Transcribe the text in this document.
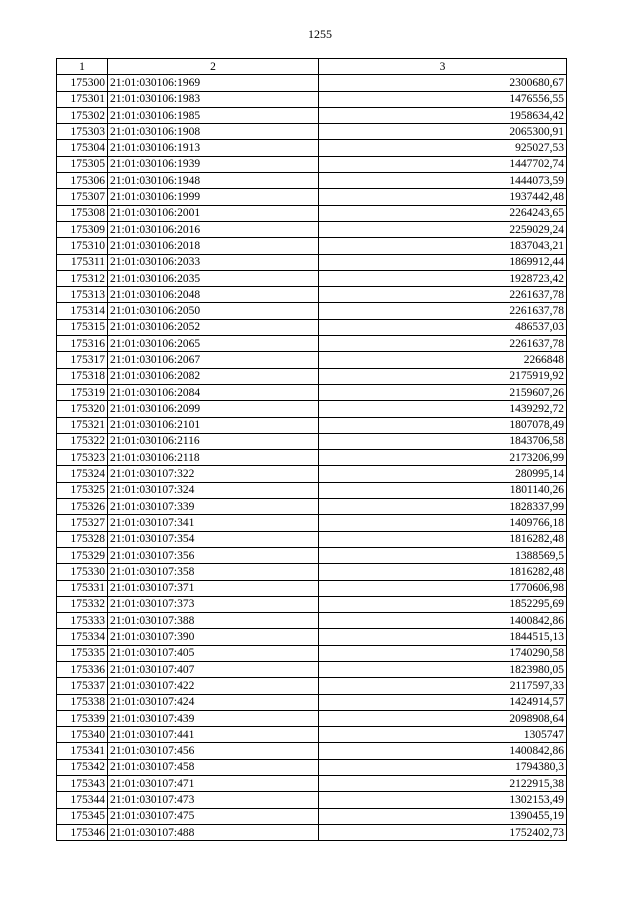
1255
1	2	3
175300	21:01:030106:1969	2300680,67
175301	21:01:030106:1983	1476556,55
175302	21:01:030106:1985	1958634,42
175303	21:01:030106:1908	2065300,91
175304	21:01:030106:1913	925027,53
175305	21:01:030106:1939	1447702,74
175306	21:01:030106:1948	1444073,59
175307	21:01:030106:1999	1937442,48
175308	21:01:030106:2001	2264243,65
175309	21:01:030106:2016	2259029,24
175310	21:01:030106:2018	1837043,21
175311	21:01:030106:2033	1869912,44
175312	21:01:030106:2035	1928723,42
175313	21:01:030106:2048	2261637,78
175314	21:01:030106:2050	2261637,78
175315	21:01:030106:2052	486537,03
175316	21:01:030106:2065	2261637,78
175317	21:01:030106:2067	2266848
175318	21:01:030106:2082	2175919,92
175319	21:01:030106:2084	2159607,26
175320	21:01:030106:2099	1439292,72
175321	21:01:030106:2101	1807078,49
175322	21:01:030106:2116	1843706,58
175323	21:01:030106:2118	2173206,99
175324	21:01:030107:322	280995,14
175325	21:01:030107:324	1801140,26
175326	21:01:030107:339	1828337,99
175327	21:01:030107:341	1409766,18
175328	21:01:030107:354	1816282,48
175329	21:01:030107:356	1388569,5
175330	21:01:030107:358	1816282,48
175331	21:01:030107:371	1770606,98
175332	21:01:030107:373	1852295,69
175333	21:01:030107:388	1400842,86
175334	21:01:030107:390	1844515,13
175335	21:01:030107:405	1740290,58
175336	21:01:030107:407	1823980,05
175337	21:01:030107:422	2117597,33
175338	21:01:030107:424	1424914,57
175339	21:01:030107:439	2098908,64
175340	21:01:030107:441	1305747
175341	21:01:030107:456	1400842,86
175342	21:01:030107:458	1794380,3
175343	21:01:030107:471	2122915,38
175344	21:01:030107:473	1302153,49
175345	21:01:030107:475	1390455,19
175346	21:01:030107:488	1752402,73
